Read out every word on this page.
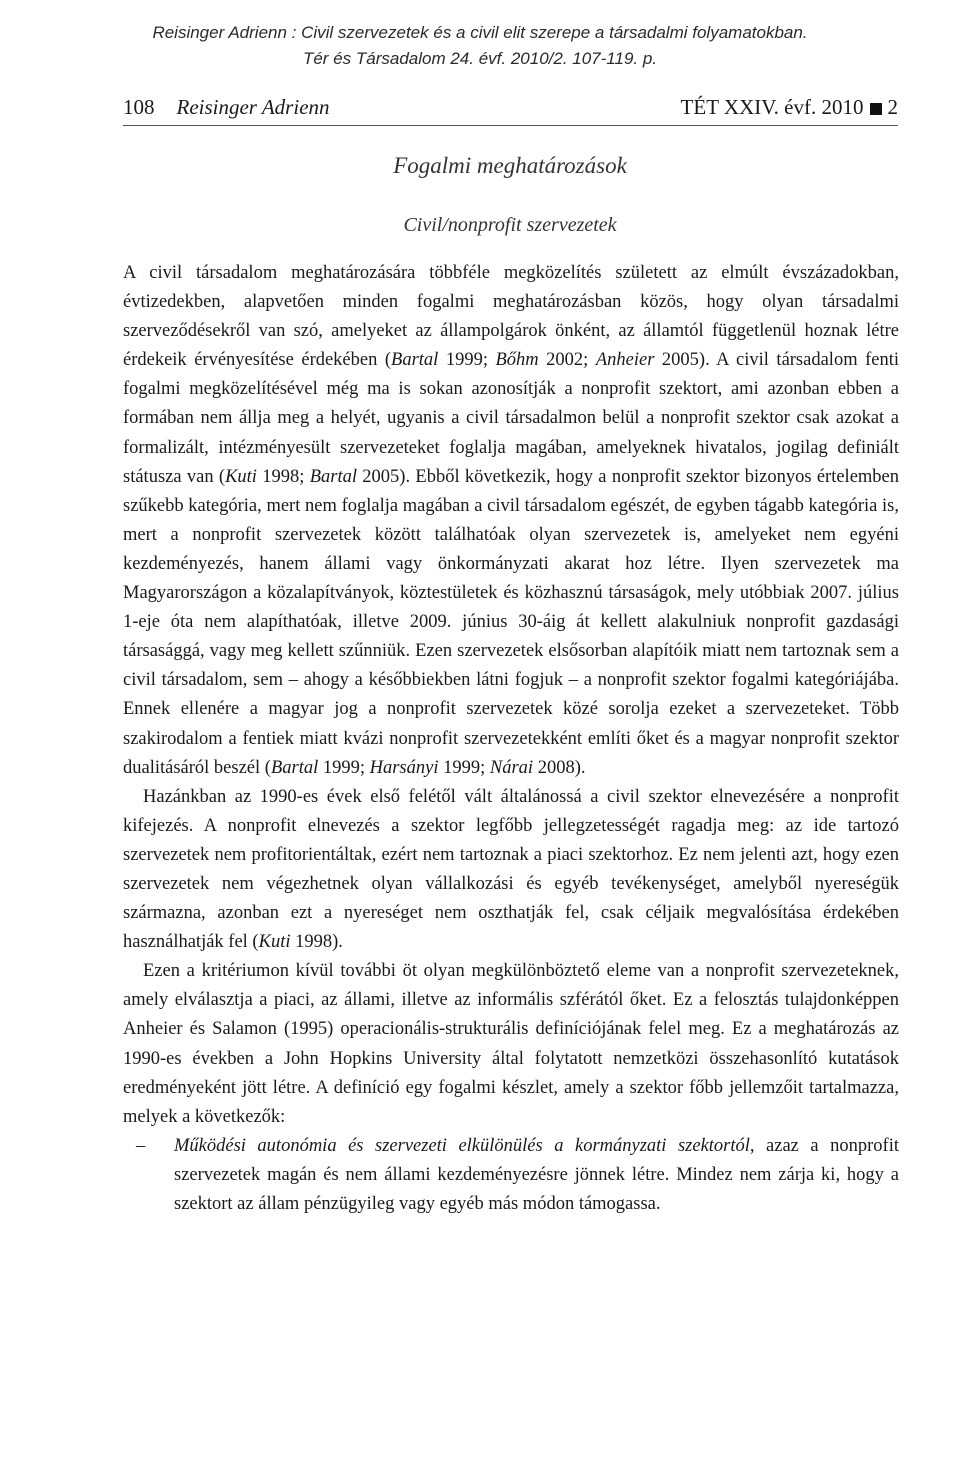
Reisinger Adrienn : Civil szervezetek és a civil elit szerepe a társadalmi folyamatokban.
Tér és Társadalom 24. évf. 2010/2. 107-119. p.
108 Reisinger Adrienn	TÉT XXIV. évf. 2010 2
Fogalmi meghatározások
Civil/nonprofit szervezetek

A civil társadalom meghatározására többféle megközelítés született az elmúlt évszázadokban, évtizedekben, alapvetően minden fogalmi meghatározásban közös, hogy olyan társadalmi szerveződésekről van szó, amelyeket az állampolgárok önként, az államtól függetlenül hoznak létre érdekeik érvényesítése érdekében (Bartal 1999; Bőhm 2002; Anheier 2005). A civil társadalom fenti fogalmi megközelítésével még ma is sokan azonosítják a nonprofit szektort, ami azonban ebben a formában nem állja meg a helyét, ugyanis a civil társadalmon belül a nonprofit szektor csak azokat a formalizált, intézményesült szervezeteket foglalja magában, amelyeknek hivatalos, jogilag definiált státusza van (Kuti 1998; Bartal 2005). Ebből következik, hogy a nonprofit szektor bizonyos értelemben szűkebb kategória, mert nem foglalja magában a civil társadalom egészét, de egyben tágabb kategória is, mert a nonprofit szervezetek között találhatóak olyan szervezetek is, amelyeket nem egyéni kezdeményezés, hanem állami vagy önkormányzati akarat hoz létre. Ilyen szervezetek ma Magyarországon a közalapítványok, köztestületek és közhasznú társaságok, mely utóbbiak 2007. július 1-eje óta nem alapíthatóak, illetve 2009. június 30-áig át kellett alakulniuk nonprofit gazdasági társasággá, vagy meg kellett szűnniük. Ezen szervezetek elsősorban alapítóik miatt nem tartoznak sem a civil társadalom, sem – ahogy a későbbiekben látni fogjuk – a nonprofit szektor fogalmi kategóriájába. Ennek ellenére a magyar jog a nonprofit szervezetek közé sorolja ezeket a szervezeteket. Több szakirodalom a fentiek miatt kvázi nonprofit szervezetekként említi őket és a magyar nonprofit szektor dualitásáról beszél (Bartal 1999; Harsányi 1999; Nárai 2008).

Hazánkban az 1990-es évek első felétől vált általánossá a civil szektor elnevezésére a nonprofit kifejezés. A nonprofit elnevezés a szektor legfőbb jellegzetességét ragadja meg: az ide tartozó szervezetek nem profitorientáltak, ezért nem tartoznak a piaci szektorhoz. Ez nem jelenti azt, hogy ezen szervezetek nem végezhetnek olyan vállalkozási és egyéb tevékenységet, amelyből nyereségük származna, azonban ezt a nyereséget nem oszthatják fel, csak céljaik megvalósítása érdekében használhatják fel (Kuti 1998).

Ezen a kritériumon kívül további öt olyan megkülönböztető eleme van a nonprofit szervezeteknek, amely elválasztja a piaci, az állami, illetve az informális szférától őket. Ez a felosztás tulajdonképpen Anheier és Salamon (1995) operacionális-strukturális definíciójának felel meg. Ez a meghatározás az 1990-es években a John Hopkins University által folytatott nemzetközi összehasonlító kutatások eredményeként jött létre. A definíció egy fogalmi készlet, amely a szektor főbb jellemzőit tartalmazza, melyek a következők:

– Működési autonómia és szervezeti elkülönülés a kormányzati szektortól, azaz a nonprofit szervezetek magán és nem állami kezdeményezésre jönnek létre. Mindez nem zárja ki, hogy a szektort az állam pénzügyileg vagy egyéb más módon támogassa.
